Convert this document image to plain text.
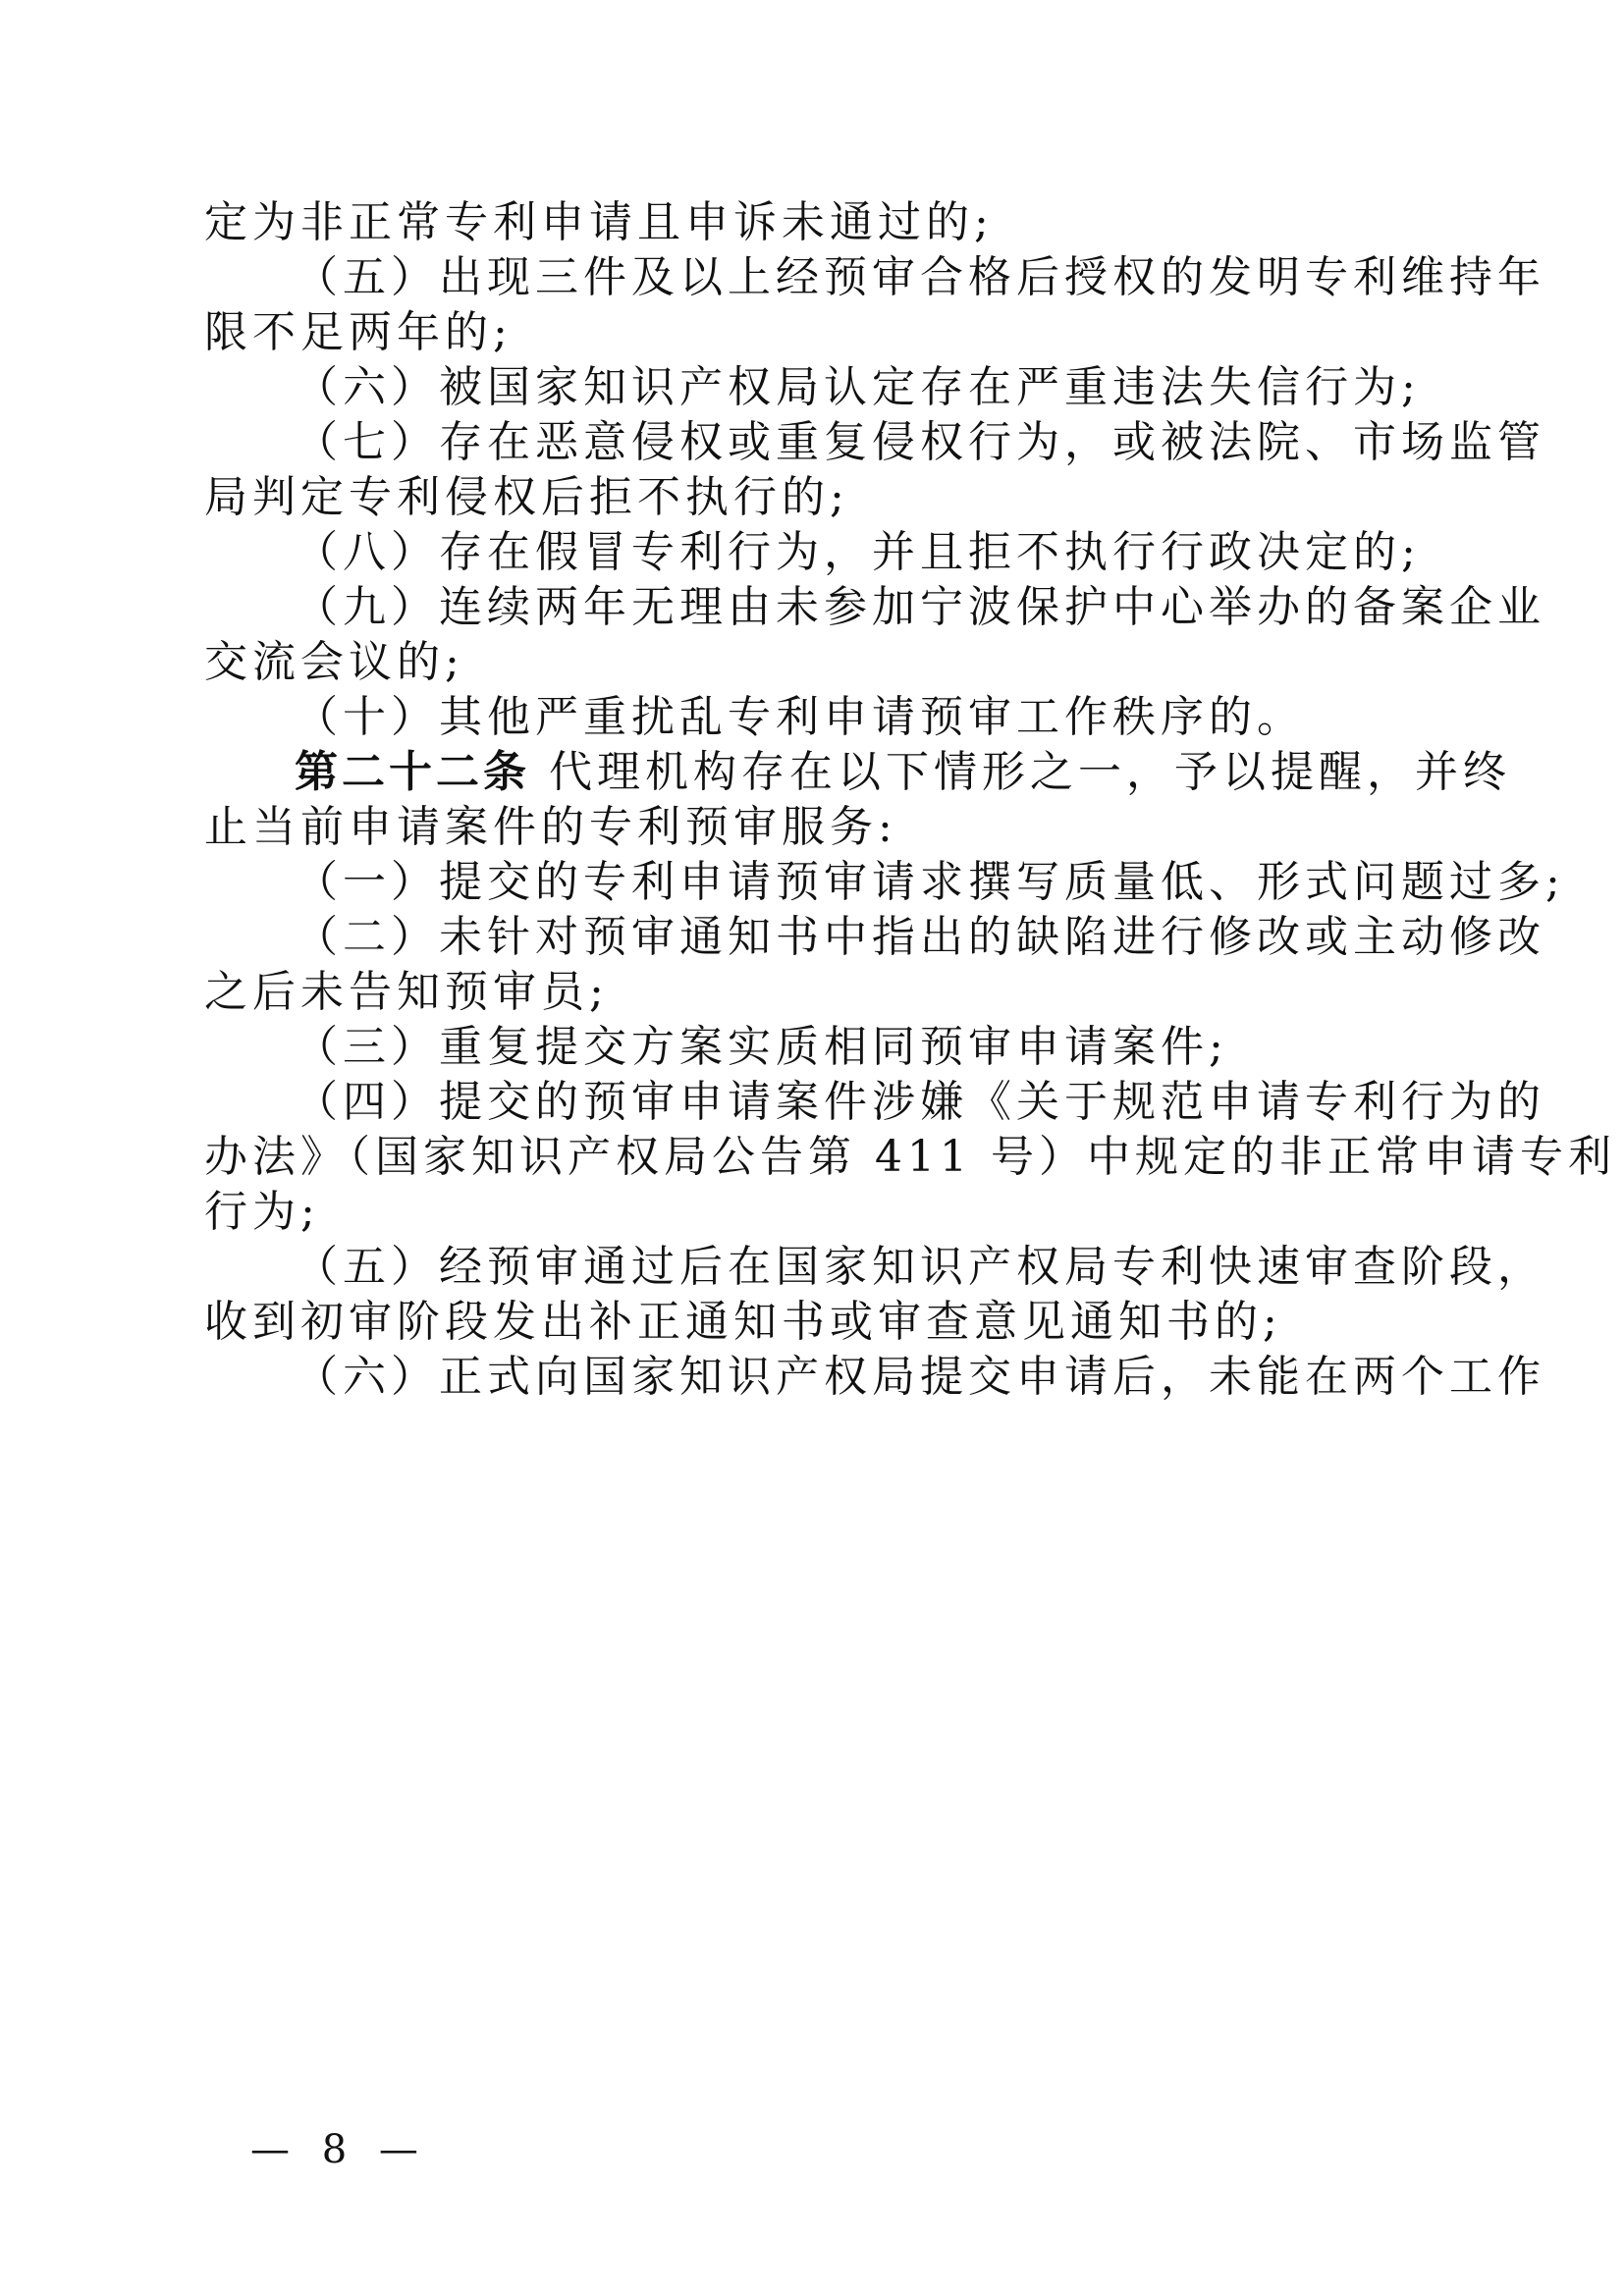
定为非正常专利申请且申诉未通过的;
（五）出现三件及以上经预审合格后授权的发明专利维持年
限不足两年的;
（六）被国家知识产权局认定存在严重违法失信行为;
（七）存在恶意侵权或重复侵权行为，或被法院、市场监管
局判定专利侵权后拒不执行的;
（八）存在假冒专利行为，并且拒不执行行政决定的;
（九）连续两年无理由未参加宁波保护中心举办的备案企业
交流会议的;
（十）其他严重扰乱专利申请预审工作秩序的。
第二十二条 代理机构存在以下情形之一，予以提醒，并终
止当前申请案件的专利预审服务:
（一）提交的专利申请预审请求撰写质量低、形式问题过多;
（二）未针对预审通知书中指出的缺陷进行修改或主动修改
之后未告知预审员;
（三）重复提交方案实质相同预审申请案件;
（四）提交的预审申请案件涉嫌《关于规范申请专利行为的
办法》（国家知识产权局公告第 411 号）中规定的非正常申请专利
行为;
（五）经预审通过后在国家知识产权局专利快速审查阶段，
收到初审阶段发出补正通知书或审查意见通知书的;
（六）正式向国家知识产权局提交申请后，未能在两个工作
— 8 —
